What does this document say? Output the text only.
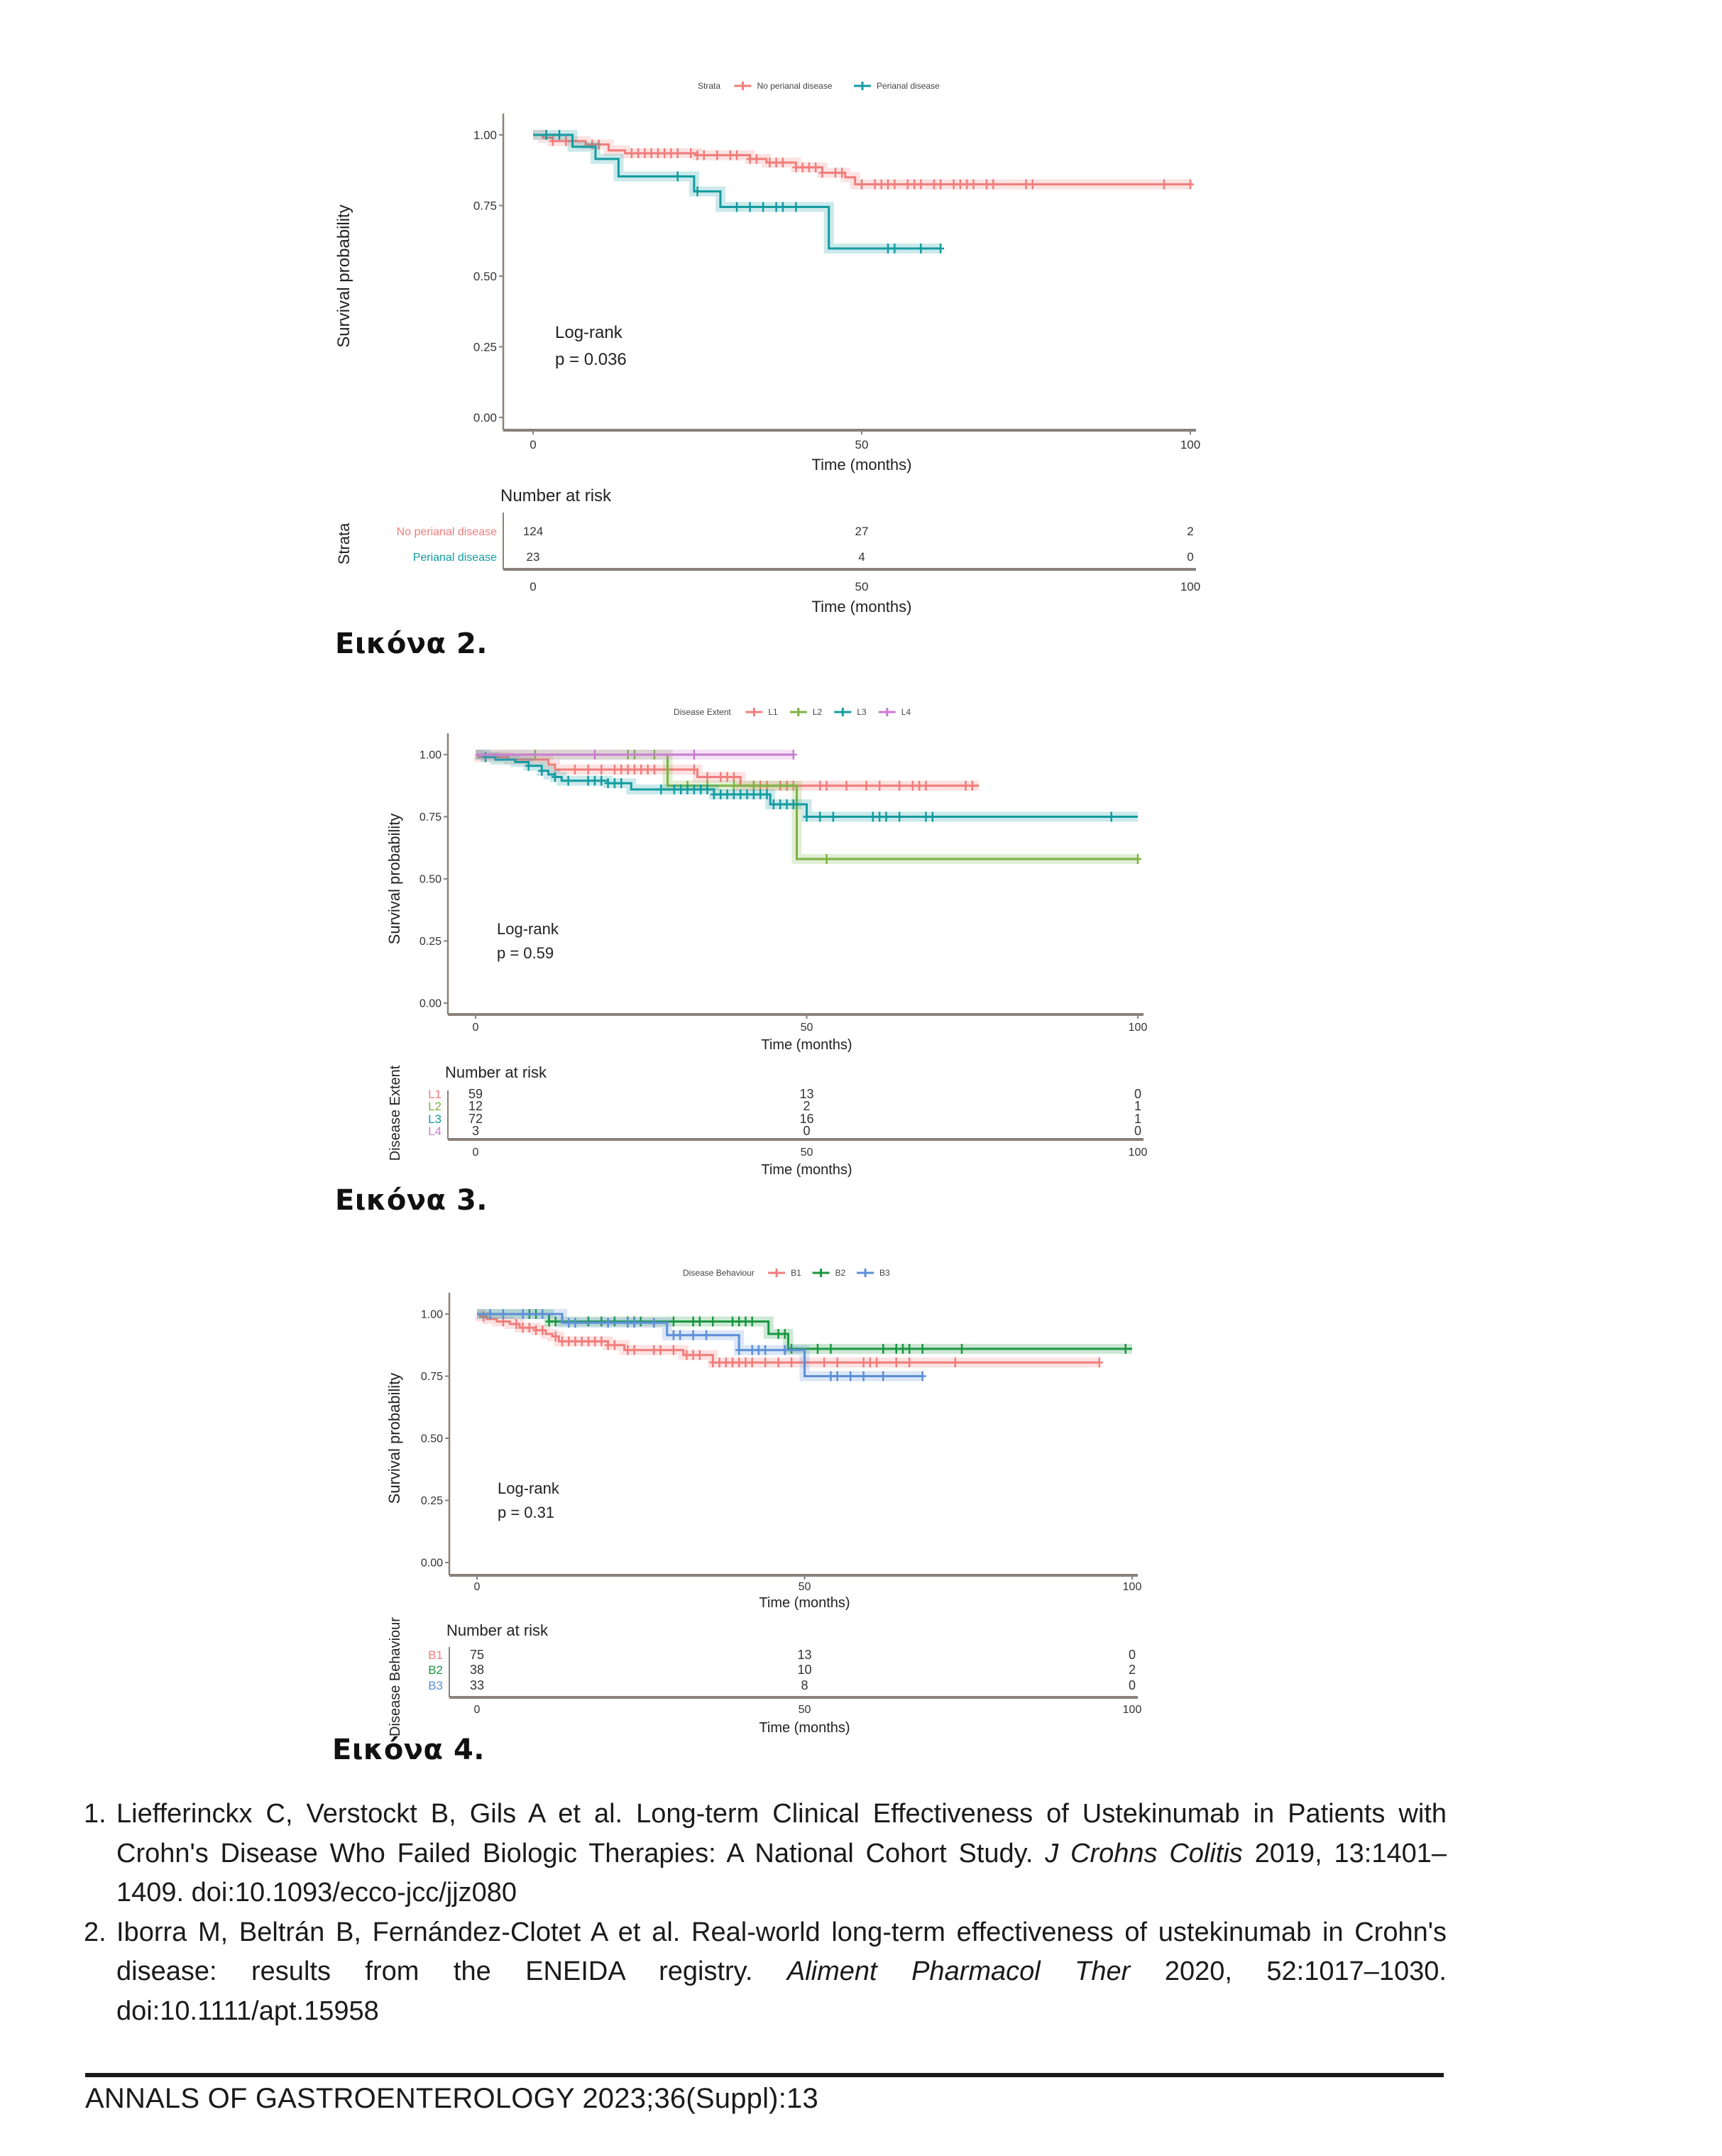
Strata	No perianal disease	Perianal disease
0.00
0.25
0.50
0.75
1.00
0	50	100
Time (months)
Survival probability	Log-rank
p = 0.036
Number at risk
No perianal disease 124	27	2
Perianal disease 23	4	0
0	50	100
Time (months)
Strata
Disease Extent	L1	L2	L3	L4
0.00
0.25
0.50
0.75
1.00
0	50	100
Time (months)
Survival probability	Log-rank
p = 0.59
Number at risk
L1 59	13	0
L2 12	2	1
L3 72	16	1
L4 3	0	0
0	50	100
Time (months)
Disease Extent
Disease Behaviour	B1	B2	B3
0.00
0.25
0.50
0.75
1.00
0	50	100
Time (months)
Survival probability	Log-rank
p = 0.31
Number at risk
B1 75	13	0
B2 38	10	2
B3 33	8	0
0	50	100
Time (months)
Disease Behaviour
Εικόνα 2.
Εικόνα 3.
Εικόνα 4.
1. Liefferinckx C, Verstockt B, Gils A et al. Long-term Clinical Effectiveness of Ustekinumab in Patients with Crohn's Disease Who Failed Biologic Therapies: A National Cohort Study. J Crohns Colitis 2019, 13:1401–1409. doi:10.1093/ecco-jcc/jjz080
2. Iborra M, Beltrán B, Fernández-Clotet A et al. Real-world long-term effectiveness of ustekinumab in Crohn's disease: results from the ENEIDA registry. Aliment Pharmacol Ther 2020, 52:1017–1030. doi:10.1111/apt.15958
ANNALS OF GASTROENTEROLOGY 2023;36(Suppl):13
